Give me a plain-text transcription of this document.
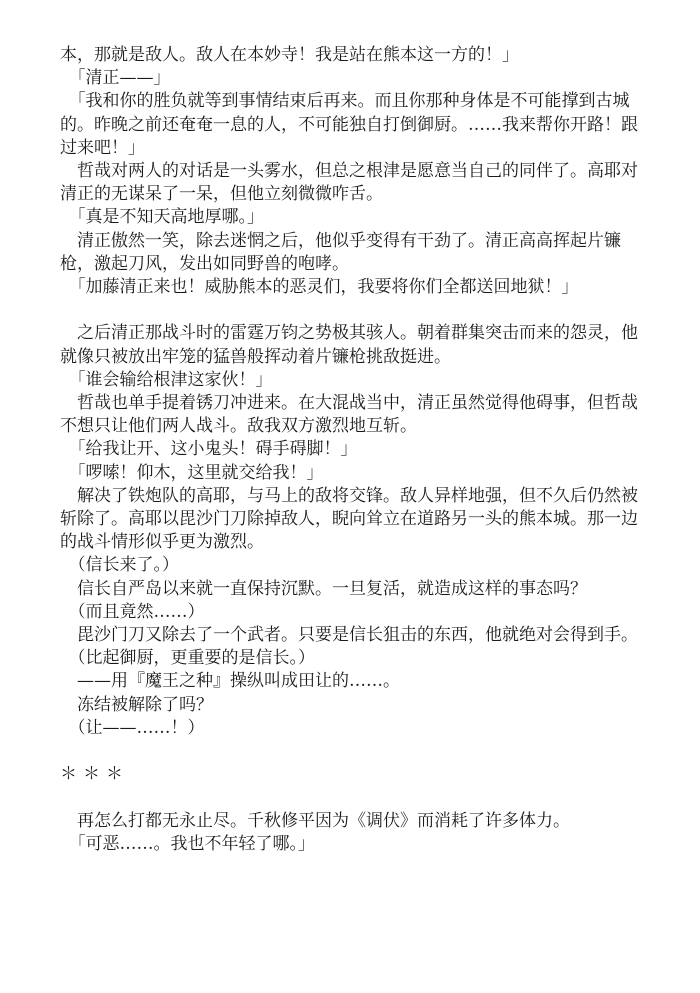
本，那就是敌人。敌人在本妙寺！我是站在熊本这一方的！」

　「清正——」

　「我和你的胜负就等到事情结束后再来。而且你那种身体是不可能撑到古城的。昨晚之前还奄奄一息的人，不可能独自打倒御厨。……我来帮你开路！跟过来吧！」

　哲哉对两人的对话是一头雾水，但总之根津是愿意当自己的同伴了。高耶对清正的无谋呆了一呆，但他立刻微微咋舌。

　「真是不知天高地厚哪。」

　清正傲然一笑，除去迷惘之后，他似乎变得有干劲了。清正高高挥起片镰枪，激起刀风，发出如同野兽的咆哮。

　「加藤清正来也！威胁熊本的恶灵们，我要将你们全都送回地狱！」

　之后清正那战斗时的雷霆万钧之势极其骇人。朝着群集突击而来的怨灵，他就像只被放出牢笼的猛兽般挥动着片镰枪挑敌挺进。

　「谁会输给根津这家伙！」

　哲哉也单手提着锈刀冲进来。在大混战当中，清正虽然觉得他碍事，但哲哉不想只让他们两人战斗。敌我双方激烈地互斩。

　「给我让开、这小鬼头！碍手碍脚！」

　「啰嗦！仰木，这里就交给我！」

　解决了铁炮队的高耶，与马上的敌将交锋。敌人异样地强，但不久后仍然被斩除了。高耶以毘沙门刀除掉敌人，睨向耸立在道路另一头的熊本城。那一边的战斗情形似乎更为激烈。

　（信长来了。）

　信长自严岛以来就一直保持沉默。一旦复活，就造成这样的事态吗？

　（而且竟然……）

　毘沙门刀又除去了一个武者。只要是信长狙击的东西，他就绝对会得到手。

　（比起御厨，更重要的是信长。）

　——用『魔王之种』操纵叫成田让的……。

　冻结被解除了吗？

　（让——……！）

＊＊＊

　再怎么打都无永止尽。千秋修平因为《调伏》而消耗了许多体力。

　「可恶……。我也不年轻了哪。」
